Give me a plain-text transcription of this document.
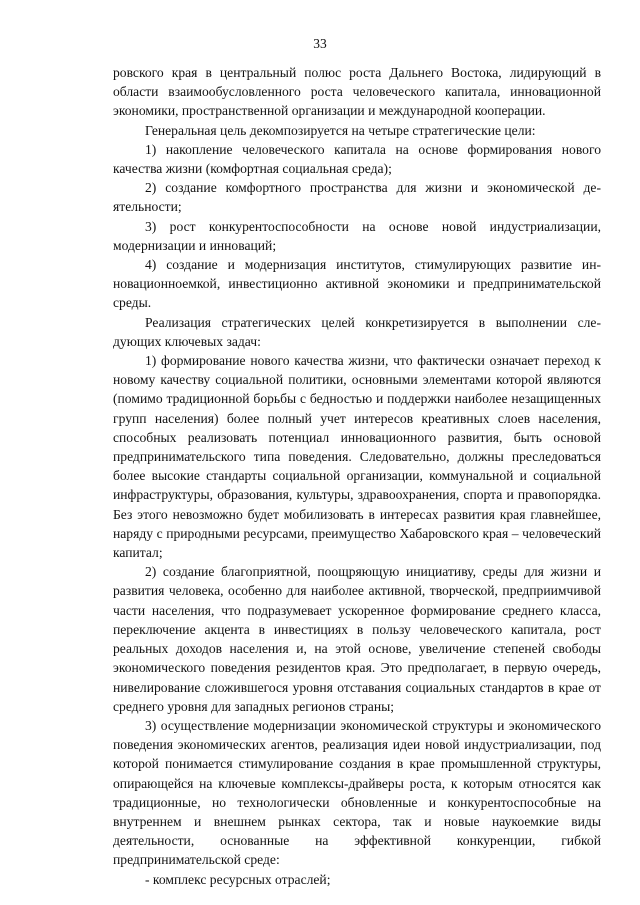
33

ровского края в центральный полюс роста Дальнего Востока, лидирующий в области взаимообусловленного роста человеческого капитала, инновационной экономики, пространственной организации и международной кооперации.

Генеральная цель декомпозируется на четыре стратегические цели:

1) накопление человеческого капитала на основе формирования нового качества жизни (комфортная социальная среда);

2) создание комфортного пространства для жизни и экономической деятельности;

3) рост конкурентоспособности на основе новой индустриализации, модернизации и инноваций;

4) создание и модернизация институтов, стимулирующих развитие инновационноемкой, инвестиционно активной экономики и предпринимательской среды.

Реализация стратегических целей конкретизируется в выполнении следующих ключевых задач:

1) формирование нового качества жизни, что фактически означает переход к новому качеству социальной политики, основными элементами которой являются (помимо традиционной борьбы с бедностью и поддержки наиболее незащищенных групп населения) более полный учет интересов креативных слоев населения, способных реализовать потенциал инновационного развития, быть основой предпринимательского типа поведения. Следовательно, должны преследоваться более высокие стандарты социальной организации, коммунальной и социальной инфраструктуры, образования, культуры, здравоохранения, спорта и правопорядка. Без этого невозможно будет мобилизовать в интересах развития края главнейшее, наряду с природными ресурсами, преимущество Хабаровского края – человеческий капитал;

2) создание благоприятной, поощряющую инициативу, среды для жизни и развития человека, особенно для наиболее активной, творческой, предприимчивой части населения, что подразумевает ускоренное формирование среднего класса, переключение акцента в инвестициях в пользу человеческого капитала, рост реальных доходов населения и, на этой основе, увеличение степеней свободы экономического поведения резидентов края. Это предполагает, в первую очередь, нивелирование сложившегося уровня отставания социальных стандартов в крае от среднего уровня для западных регионов страны;

3) осуществление модернизации экономической структуры и экономического поведения экономических агентов, реализация идеи новой индустриализации, под которой понимается стимулирование создания в крае промышленной структуры, опирающейся на ключевые комплексы-драйверы роста, к которым относятся как традиционные, но технологически обновленные и конкурентоспособные на внутреннем и внешнем рынках сектора, так и новые наукоемкие виды деятельности, основанные на эффективной конкуренции, гибкой предпринимательской среде:

- комплекс ресурсных отраслей;
